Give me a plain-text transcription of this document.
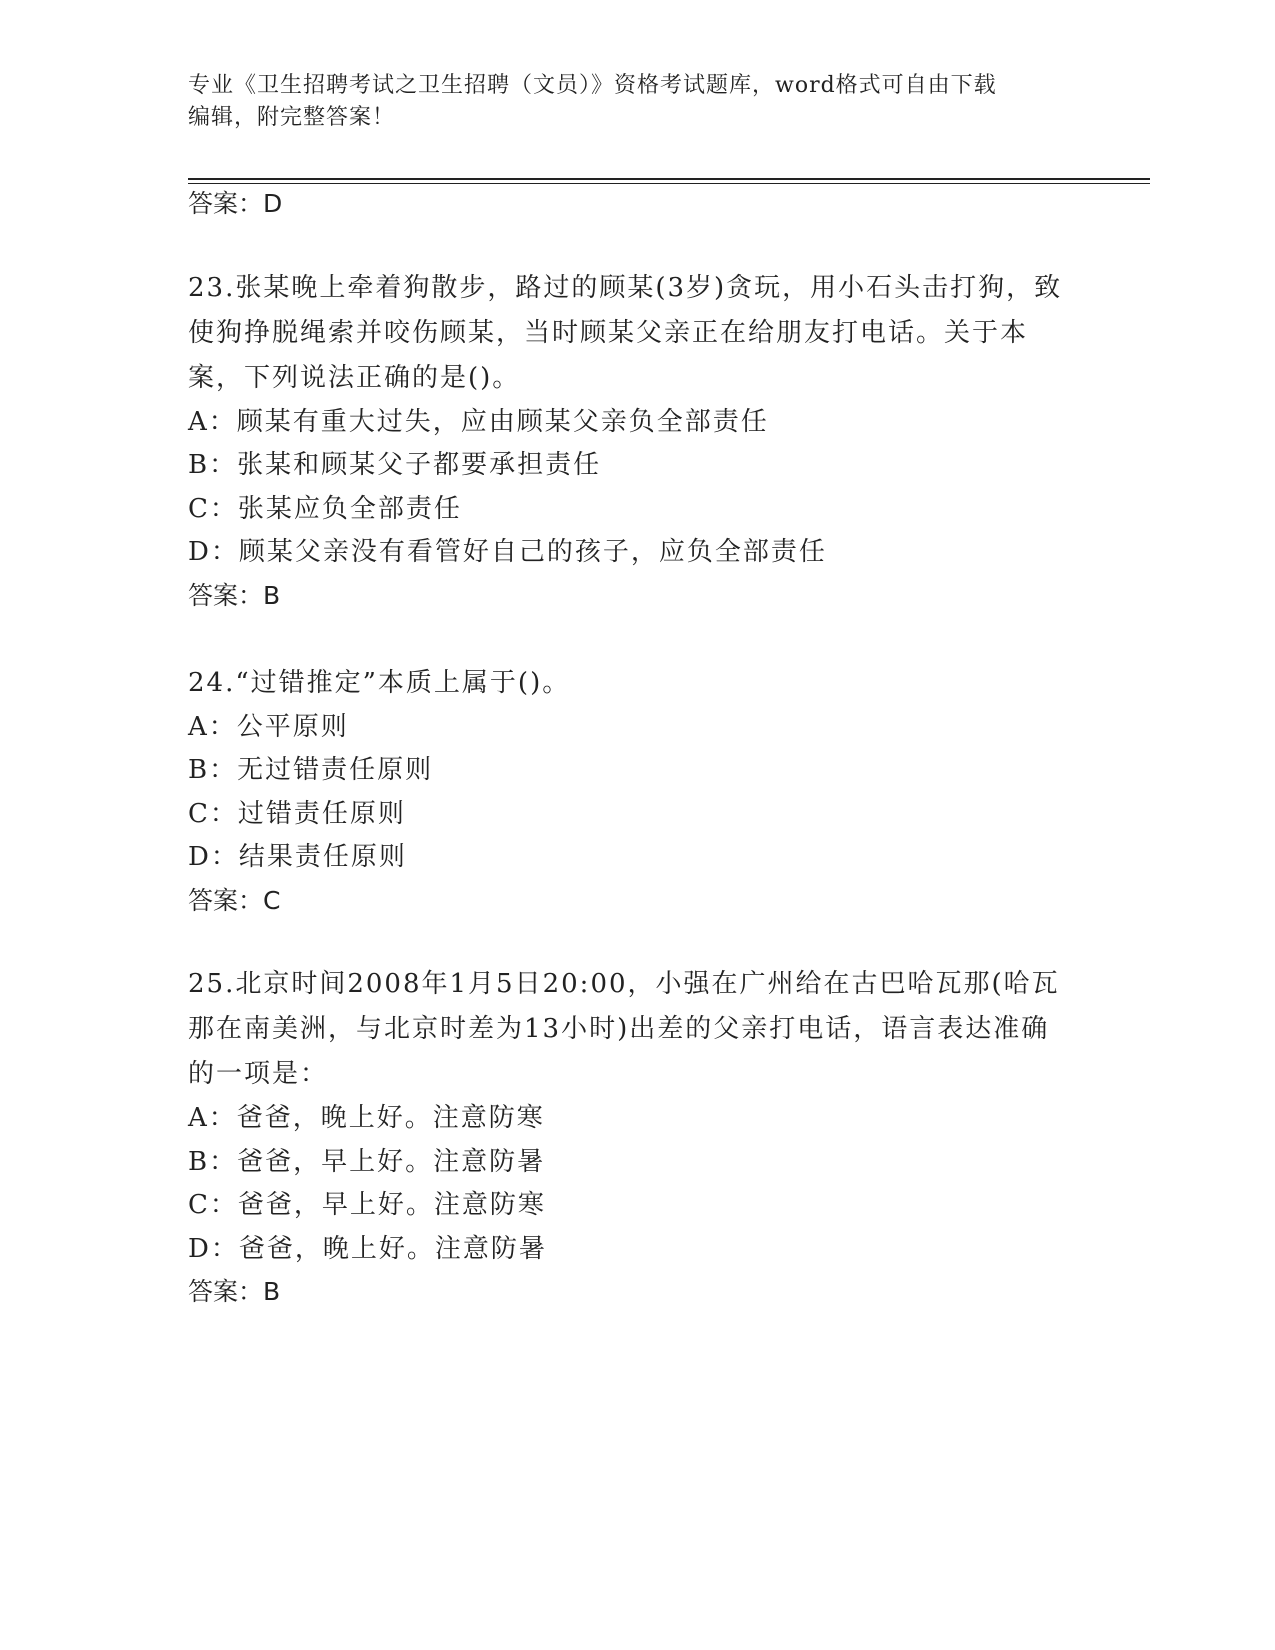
专业《卫生招聘考试之卫生招聘（文员）》资格考试题库，word格式可自由下载
编辑，附完整答案！
答案：D
23.张某晚上牵着狗散步，路过的顾某(3岁)贪玩，用小石头击打狗，致使狗挣脱绳索并咬伤顾某，当时顾某父亲正在给朋友打电话。关于本案，下列说法正确的是()。
A：顾某有重大过失，应由顾某父亲负全部责任
B：张某和顾某父子都要承担责任
C：张某应负全部责任
D：顾某父亲没有看管好自己的孩子，应负全部责任
答案：B
24.“过错推定”本质上属于()。
A：公平原则
B：无过错责任原则
C：过错责任原则
D：结果责任原则
答案：C
25.北京时间2008年1月5日20:00，小强在广州给在古巴哈瓦那(哈瓦那在南美洲，与北京时差为13小时)出差的父亲打电话，语言表达准确的一项是：
A：爸爸，晚上好。注意防寒
B：爸爸，早上好。注意防暑
C：爸爸，早上好。注意防寒
D：爸爸，晚上好。注意防暑
答案：B
